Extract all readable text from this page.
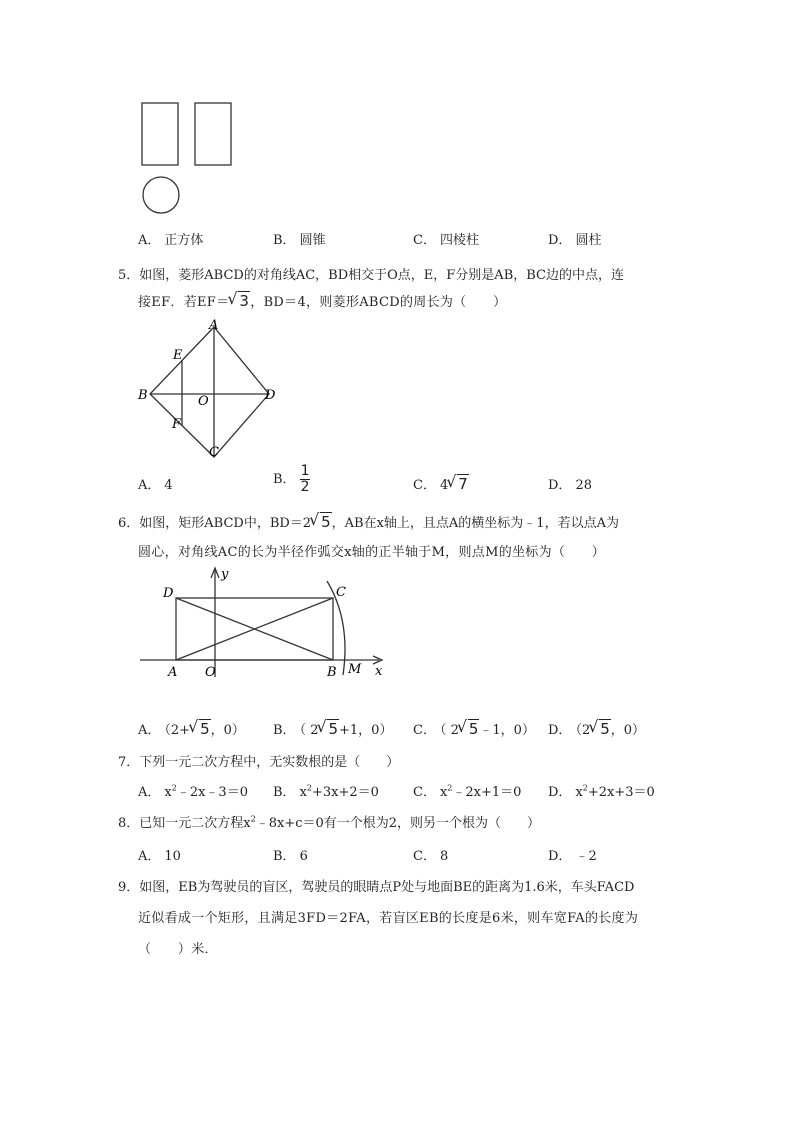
A． 正方体	B． 圆锥	C． 四棱柱	D． 圆柱
5．如图，菱形ABCD的对角线AC，BD相交于O点，E，F分别是AB，BC边的中点，连
接EF．若EF＝ √ 3，BD＝4，则菱形ABCD的周长为（　　）
A
B
C
D
E
F
O
A． 4	B． $\frac{1}{2}$	C． 4 √ 7	D． 28
6．如图，矩形ABCD中，BD＝2 √ 5，AB在x轴上，且点A的横坐标为﹣1，若以点A为
圆心，对角线AC的长为半径作弧交x轴的正半轴于M，则点M的坐标为（　　）
y
D	C
A O	B M x
A． （2+ √ 5，0） B． （ 2 √ 5+1，0） C． （ 2 √ 5﹣1，0） D． （2 √ 5，0）
7．下列一元二次方程中，无实数根的是（　　）
A． $x^2﹣2x﹣3=0$ B． $x^2+3x+2=0$	C． $x^2﹣2x+1=0$ D． $x^2+2x+3=0$
8．已知一元二次方程$x^2﹣8x+c=0$有一个根为2，则另一个根为（　　）
A． 10	B． 6	C． 8	D． ﹣2
9．如图，EB为驾驶员的盲区，驾驶员的眼睛点P处与地面BE的距离为1.6米，车头FACD
近似看成一个矩形，且满足3FD＝2FA，若盲区EB的长度是6米，则车宽FA的长度为
（　　）米．
